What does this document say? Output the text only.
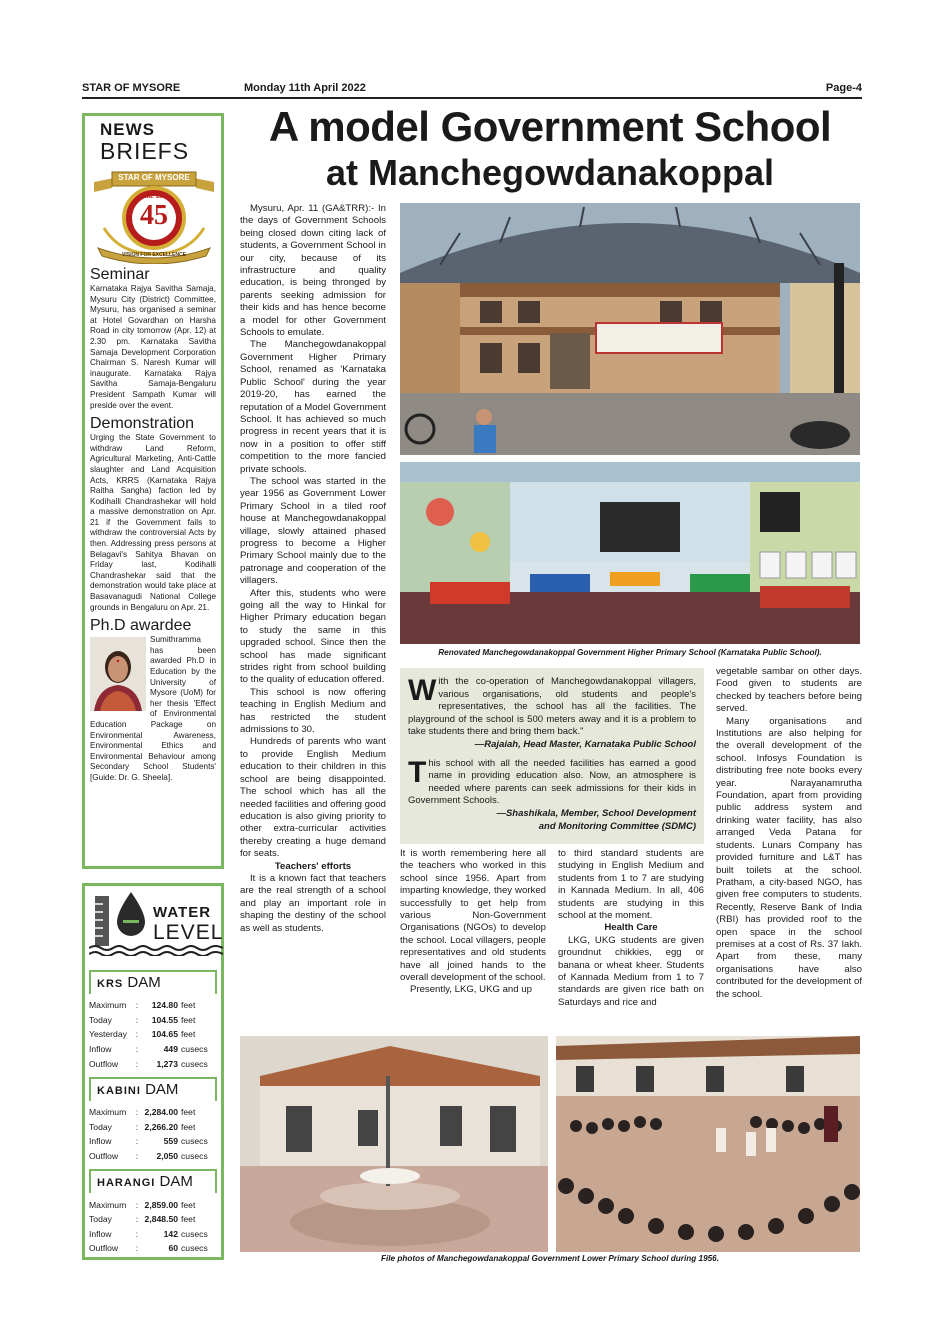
STAR OF MYSORE	Monday 11th April 2022	Page-4
NEWS
BRIEFS
STAR OF MYSORE
Estd. 1978
45
VISION FOR EXCELLENCE
Seminar
Karnataka Rajya Savitha Samaja, Mysuru City (District) Committee, Mysuru, has organised a seminar at Hotel Govardhan on Harsha Road in city tomorrow (Apr. 12) at 2.30 pm. Karnataka Savitha Samaja Development Corporation Chairman S. Naresh Kumar will inaugurate. Karnataka Rajya Savitha Samaja-Bengaluru President Sampath Kumar will preside over the event.
Demonstration
Urging the State Government to withdraw Land Reform, Agricultural Marketing, Anti-Cattle slaughter and Land Acquisition Acts, KRRS (Karnataka Rajya Raitha Sangha) faction led by Kodihalli Chandrashekar will hold a massive demonstration on Apr. 21 if the Government fails to withdraw the controversial Acts by then. Addressing press persons at Belagavi's Sahitya Bhavan on Friday last, Kodihalli Chandrashekar said that the demonstration would take place at Basavanagudi National College grounds in Bengaluru on Apr. 21.
Ph.D awardee
Sumithramma has been awarded Ph.D in Education by the University of Mysore (UoM) for her thesis 'Effect of Environmental Education Package on Environmental Awareness, Environmental Ethics and Environmental Behaviour among Secondary School Students' [Guide: Dr. G. Sheela].
WATER
LEVEL
KRS DAM
Maximum	:	124.80	feet
Today	:	104.55	feet
Yesterday	:	104.65	feet
Inflow	:	449	cusecs
Outflow	:	1,273	cusecs
KABINI DAM
Maximum	:	2,284.00	feet
Today	:	2,266.20	feet
Inflow	:	559	cusecs
Outflow	:	2,050	cusecs
HARANGI DAM
Maximum	:	2,859.00	feet
Today	:	2,848.50	feet
Inflow	:	142	cusecs
Outflow	:	60	cusecs
A model Government School
at Manchegowdanakoppal

Mysuru, Apr. 11 (GA&TRR):- In the days of Government Schools being closed down citing lack of students, a Government School in our city, because of its infrastructure and quality education, is being thronged by parents seeking admission for their kids and has hence become a model for other Government Schools to emulate.

The Manchegowdanakoppal Government Higher Primary School, renamed as 'Karnataka Public School' during the year 2019-20, has earned the reputation of a Model Government School. It has achieved so much progress in recent years that it is now in a position to offer stiff competition to the more fancied private schools.

The school was started in the year 1956 as Government Lower Primary School in a tiled roof house at Manchegowdanakoppal village, slowly attained phased progress to become a Higher Primary School mainly due to the patronage and cooperation of the villagers.

After this, students who were going all the way to Hinkal for Higher Primary education began to study the same in this upgraded school. Since then the school has made significant strides right from school building to the quality of education offered.

This school is now offering teaching in English Medium and has restricted the student admissions to 30.

Hundreds of parents who want to provide English Medium education to their children in this school are being disappointed. The school which has all the needed facilities and offering good education is also giving priority to other extra-curricular activities thereby creating a huge demand for seats.

Teachers' efforts

It is a known fact that teachers are the real strength of a school and play an important role in shaping the destiny of the school as well as students.

Renovated Manchegowdanakoppal Government Higher Primary School (Karnataka Public School).
With the co-operation of Manchegowdanakoppal villagers, various organisations, old students and people's representatives, the school has all the facilities. The playground of the school is 500 meters away and it is a problem to take students there and bring them back."
—Rajaiah, Head Master, Karnataka Public School
This school with all the needed facilities has earned a good name in providing education also. Now, an atmosphere is needed where parents can seek admissions for their kids in Government Schools.
—Shashikala, Member, School Development
and Monitoring Committee (SDMC)
It is worth remembering here all the teachers who worked in this school since 1956. Apart from imparting knowledge, they worked successfully to get help from various Non-Government Organisations (NGOs) to develop the school. Local villagers, people representatives and old students have all joined hands to the overall development of the school.

Presently, LKG, UKG and up

to third standard students are studying in English Medium and students from 1 to 7 are studying in Kannada Medium. In all, 406 students are studying in this school at the moment.
Health Care

LKG, UKG students are given groundnut chikkies, egg or banana or wheat kheer. Students of Kannada Medium from 1 to 7 standards are given rice bath on Saturdays and rice and

vegetable sambar on other days. Food given to students are checked by teachers before being served.

Many organisations and Institutions are also helping for the overall development of the school. Infosys Foundation is distributing free note books every year. Narayanamrutha Foundation, apart from providing public address system and drinking water facility, has also arranged Veda Patana for students. Lunars Company has provided furniture and L&T has built toilets at the school. Pratham, a city-based NGO, has given free computers to students. Recently, Reserve Bank of India (RBI) has provided roof to the open space in the school premises at a cost of Rs. 37 lakh. Apart from these, many organisations have also contributed for the development of the school.

File photos of Manchegowdanakoppal Government Lower Primary School during 1956.
